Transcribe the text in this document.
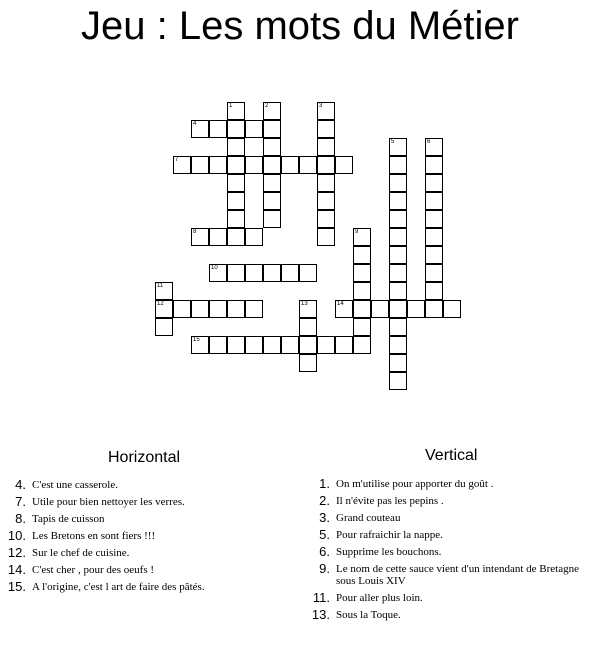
Jeu : Les mots du Métier
1	2	3
4
5	6
7
8	9
10
11
12	13	14
15
Horizontal
4. C'est une casserole.
7. Utile pour bien nettoyer les verres.
8. Tapis de cuisson
10. Les Bretons en sont fiers !!!
12. Sur le chef de cuisine.
14. C'est cher , pour des oeufs !
15. A l'origine, c'est l art de faire des pâtés.
Vertical
1. On m'utilise pour apporter du goût .
2. Il n'évite pas les pepins .
3. Grand couteau
5. Pour rafraichir la nappe.
6. Supprime les bouchons.
9. Le nom de cette sauce vient d'un intendant de Bretagne sous Louis XIV
11. Pour aller plus loin.
13. Sous la Toque.
